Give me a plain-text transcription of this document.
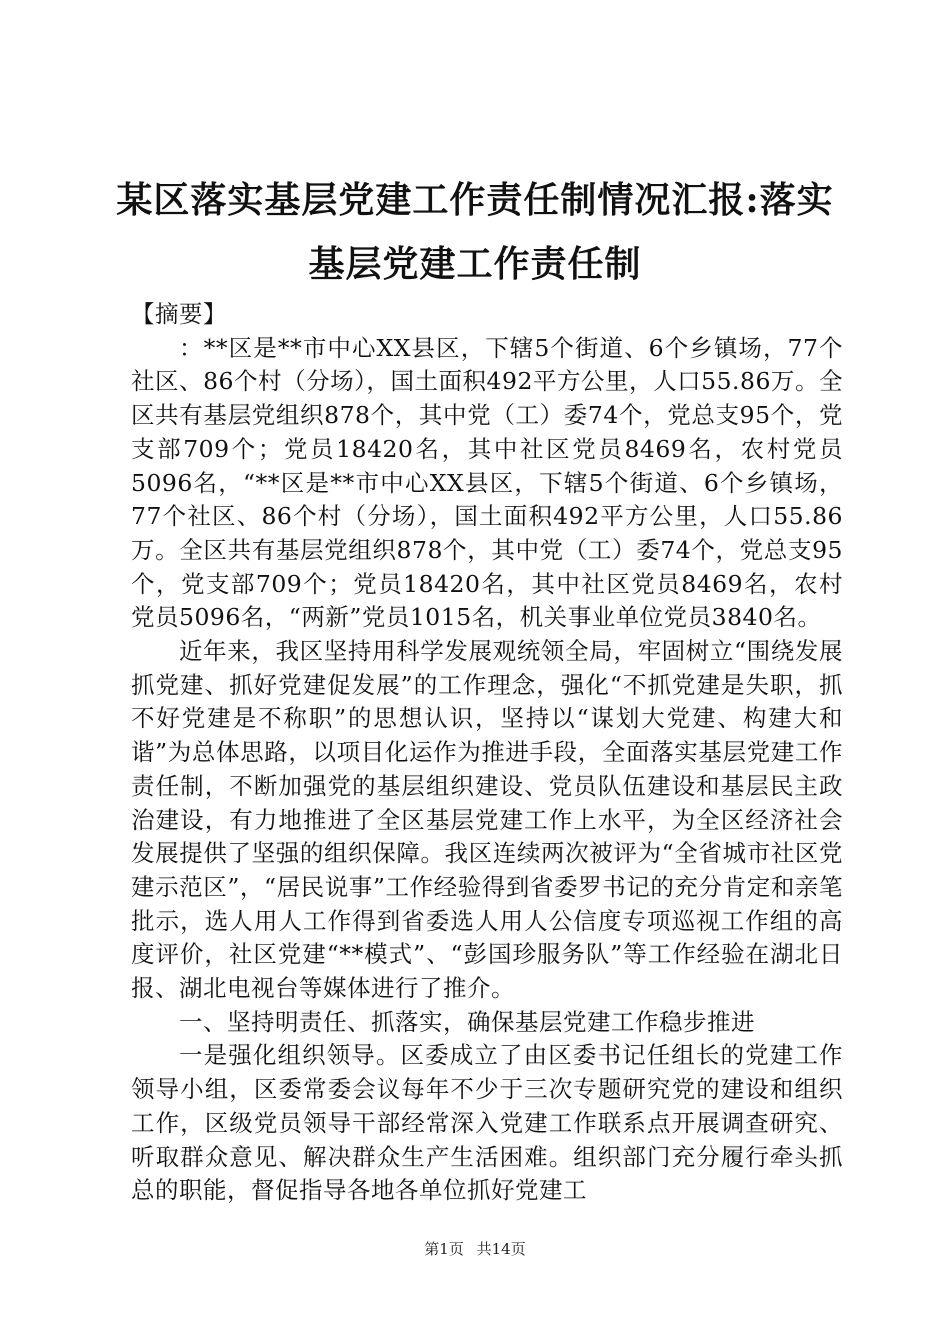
某区落实基层党建工作责任制情况汇报:落实基层党建工作责任制

【摘要】

：**区是**市中心XX县区，下辖5个街道、6个乡镇场，77个社区、86个村（分场），国土面积492平方公里，人口55.86万。全区共有基层党组织878个，其中党（工）委74个，党总支95个，党支部709个；党员18420名，其中社区党员8469名，农村党员5096名，“**区是**市中心XX县区，下辖5个街道、6个乡镇场，77个社区、86个村（分场），国土面积492平方公里，人口55.86万。全区共有基层党组织878个，其中党（工）委74个，党总支95个，党支部709个；党员18420名，其中社区党员8469名，农村党员5096名，“两新”党员1015名，机关事业单位党员3840名。

近年来，我区坚持用科学发展观统领全局，牢固树立“围绕发展抓党建、抓好党建促发展”的工作理念，强化“不抓党建是失职，抓不好党建是不称职”的思想认识，坚持以“谋划大党建、构建大和谐”为总体思路，以项目化运作为推进手段，全面落实基层党建工作责任制，不断加强党的基层组织建设、党员队伍建设和基层民主政治建设，有力地推进了全区基层党建工作上水平，为全区经济社会发展提供了坚强的组织保障。我区连续两次被评为“全省城市社区党建示范区”，“居民说事”工作经验得到省委罗书记的充分肯定和亲笔批示，选人用人工作得到省委选人用人公信度专项巡视工作组的高度评价，社区党建“**模式”、“彭国珍服务队”等工作经验在湖北日报、湖北电视台等媒体进行了推介。

一、坚持明责任、抓落实，确保基层党建工作稳步推进

一是强化组织领导。区委成立了由区委书记任组长的党建工作领导小组，区委常委会议每年不少于三次专题研究党的建设和组织工作，区级党员领导干部经常深入党建工作联系点开展调查研究、听取群众意见、解决群众生产生活困难。组织部门充分履行牵头抓总的职能，督促指导各地各单位抓好党建工

第1页 共14页
